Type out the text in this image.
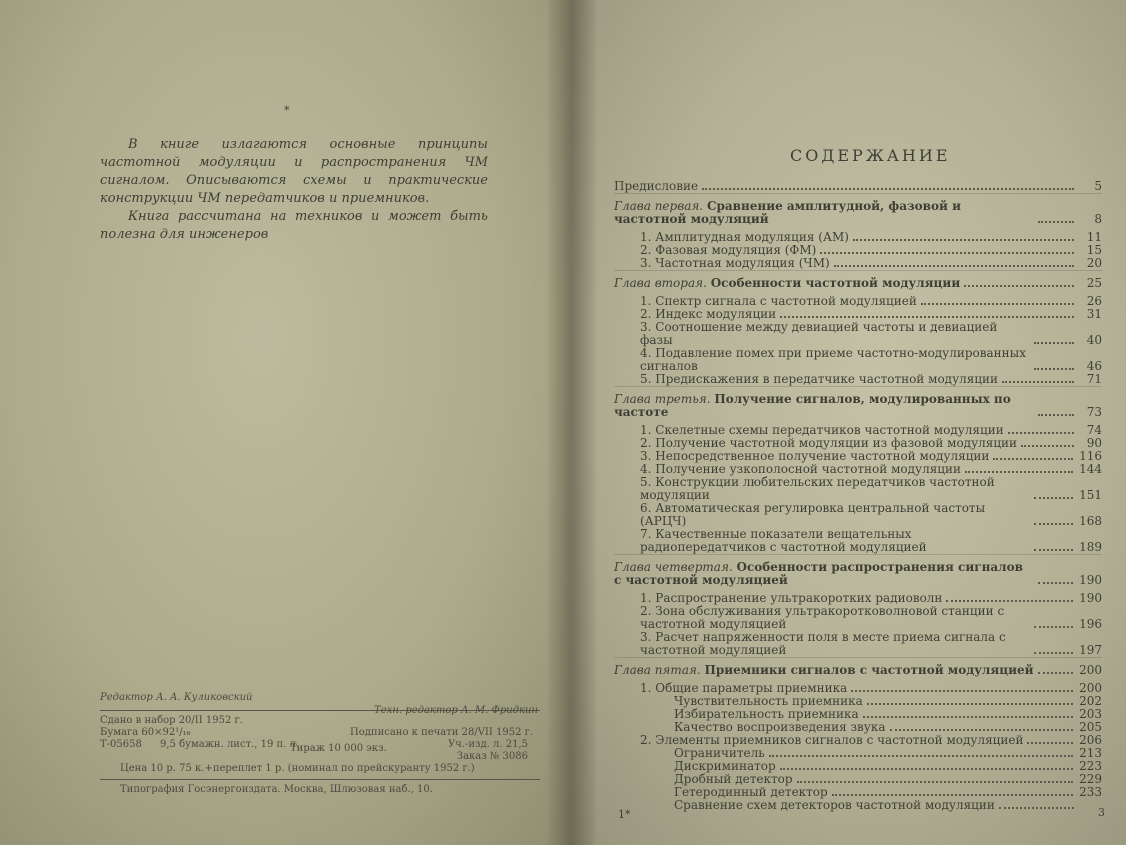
*

В книге излагаются основные принципы частотной модуляции и распространения ЧМ сигналом. Описываются схемы и практические конструкции ЧМ передатчиков и приемников.

Книга рассчитана на техников и может быть полезна для инженеров

Редактор А. А. Куликовский
Сдано в набор 20/II 1952 г.
Техн. редактор А. М. Фридкин
Бумага 60×92¹/₁₆	Подписано к печати 28/VII 1952 г.
Т-05658 9,5 бумажн. лист., 19 п. л.	Уч.-изд. л. 21,5
Тираж 10 000 экз.
Заказ № 3086
Цена 10 р. 75 к.+переплет 1 р. (номинал по прейскуранту 1952 г.)
Типография Госэнергоиздата. Москва, Шлюзовая наб., 10.
СОДЕРЖАНИЕ
Предисловие	5
Глава первая. Сравнение амплитудной, фазовой и частотной модуляций	8
1. Амплитудная модуляция (АМ)	11
2. Фазовая модуляция (ФМ)	15
3. Частотная модуляция (ЧМ)	20
Глава вторая. Особенности частотной модуляции	25
1. Спектр сигнала с частотной модуляцией	26
2. Индекс модуляции	31
3. Соотношение между девиацией частоты и девиацией фазы	40
4. Подавление помех при приеме частотно-модулированных сигналов	46
5. Предискажения в передатчике частотной модуляции	71
Глава третья. Получение сигналов, модулированных по частоте	73
1. Скелетные схемы передатчиков частотной модуляции	74
2. Получение частотной модуляции из фазовой модуляции	90
3. Непосредственное получение частотной модуляции	116
4. Получение узкополосной частотной модуляции	144
5. Конструкции любительских передатчиков частотной модуляции	151
6. Автоматическая регулировка центральной частоты (АРЦЧ)	168
7. Качественные показатели вещательных радиопередатчиков с частотной модуляцией	189
Глава четвертая. Особенности распространения сигналов с частотной модуляцией	190
1. Распространение ультракоротких радиоволн	190
2. Зона обслуживания ультракоротковолновой станции с частотной модуляцией	196
3. Расчет напряженности поля в месте приема сигнала с частотной модуляцией	197
Глава пятая. Приемники сигналов с частотной модуляцией	200
1. Общие параметры приемника	200
Чувствительность приемника	202
Избирательность приемника	203
Качество воспроизведения звука	205
2. Элементы приемников сигналов с частотной модуляцией	206
Ограничитель	213
Дискриминатор	223
Дробный детектор	229
Гетеродинный детектор	233
Сравнение схем детекторов частотной модуляции
1*	3
